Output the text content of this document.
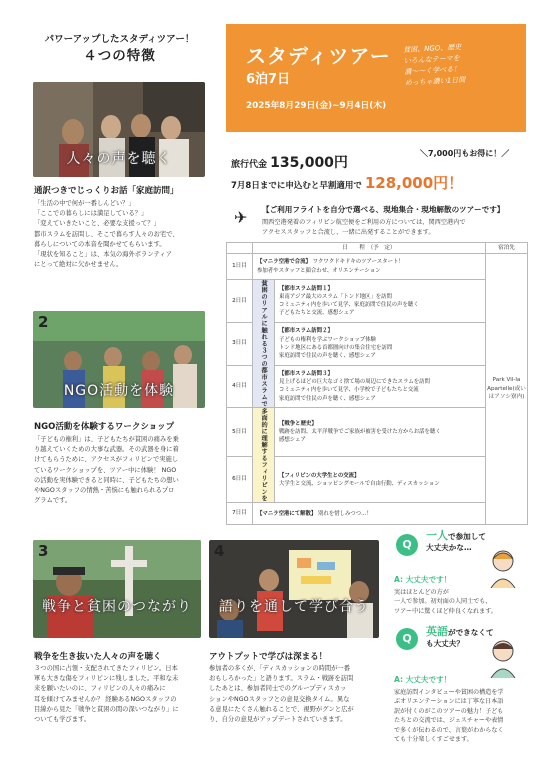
パワーアップしたスタディツアー！
４つの特徴
人々の声を聴く
通訳つきでじっくりお話「家庭訪問」
「生活の中で何が一番しんどい？」
「ここでの暮らしには満足している？」
「変えていきたいこと、必要な支援って？」
都市スラムを訪問し、そこで暮らす人々のお宅で、
暮らしについての本音を聞かせてもらいます。
「現状を知ること」は、本気の海外ボランティア
にとって絶対に欠かせません。
2
NGO活動を体験
NGO活動を体験するワークショップ
「子どもの権利」は、子どもたちが貧困の痛みを乗
り越えていくための大事な武器。その武器を身に着
けてもらうために、アクセスがフィリピンで実施し
ているワークショップを、ツアー中に体験！ NGO
の活動を実体験できると同時に、子どもたちの想い
やNGOスタッフの情熱・苦悩にも触れられるプロ
グラムです。
3
戦争と貧困のつながり
戦争を生き抜いた人々の声を聴く
３つの国に占領・支配されてきたフィリピン。日本
軍も大きな傷をフィリピンに残しました。平和な未
来を願いたいのに、フィリピンの人々の痛みに
耳を傾けてみませんか？ 経験あるNGOスタッフの
目線から見た「戦争と貧困の間の深いつながり」に
ついても学びます。
4
語りを通して学び合う
アウトプットで学びは深まる！
参加者の多くが、「ディスカッションの時間が一番
おもしろかった」と語ります。スラム・戦跡を訪問
したあとは、参加者同士でのグループディスカッ
ションやNGOスタッフとの意見交換タイム。異な
る意見にたくさん触れることで、視野がグンと広が
り、自分の意見がアップデートされていきます。
スタディツアー
6泊7日
2025年8月29日(金)~9月4日(木)
貧困、NGO、歴史
いろんなテーマを
濃～～く学べる！
めっちゃ濃い1日間
旅行代金 135,000円
＼7,000円もお得に！／
7月8日までに申込むと早割適用で 128,000円！
✈ 【ご利用フライトを自分で選べる、現地集合・現地解散のツアーです】
関西空港発着のフィリピン航空便をご利用の方については、関西空港内で
アクセススタッフと合流し、一緒に出発することができます。
	日　　程　（予　定）		宿泊先
1日目	【マニラ空港で合流】 ワクワクドキドキのツアースタート！
参加者やスタッフと顔合わせ、オリエンテーション		Park Vil-la Apartelle(或いはアソシ寮内)
2日目	貧困のリアルに触れる３つの都市スラムで	【都市スラム訪問１】
東南アジア最大のスラム「トンド地区」を訪問
コミュニティ内を歩いて見学、家庭訪問で住民の声を聴く
子どもたちと交流、感想シェア	

3日目		【都市スラム訪問２】
子どもの権利を学ぶワークショップ体験
トンド地区にある首都圏向けの集合住宅を訪問
家庭訪問で住民の声を聴く、感想シェア	

4日目		【都市スラム訪問３】
見上げるほどの巨大なゴミ捨て場の周辺にできたスラムを訪問
コミュニティ内を歩いて見学、小学校で子どもたちと交流
家庭訪問で住民の声を聴く、感想シェア	

5日目	多面的に理解するフィリピンを	【戦争と歴史】
戦跡を訪問、太平洋戦争でご家族が被害を受けた方からお話を聴く
感想シェア	

6日目		【フィリピンの大学生との交流】
大学生と交流、ショッピングモールで自由行動、ディスカッション	

7日目	【マニラ空港にて解散】 別れを惜しみつつ…！		
Q
一人で参加して
大丈夫かな…
A: 大丈夫です！
実はほとんどの方が
一人で参加。初対面の人同士でも、
ツアー中に驚くほど仲良くなれます。
Q
英語ができなくて
も大丈夫？
A: 大丈夫です！
家庭訪問インタビューや貧困の構造を学
ぶオリエンテーションには丁寧な日本語
訳が付くのがこのツアーの魅力！子ども
たちとの交流では、ジェスチャーや表情
で多くが伝わるので、言葉がわからなく
ても十分楽しくすごせます。
